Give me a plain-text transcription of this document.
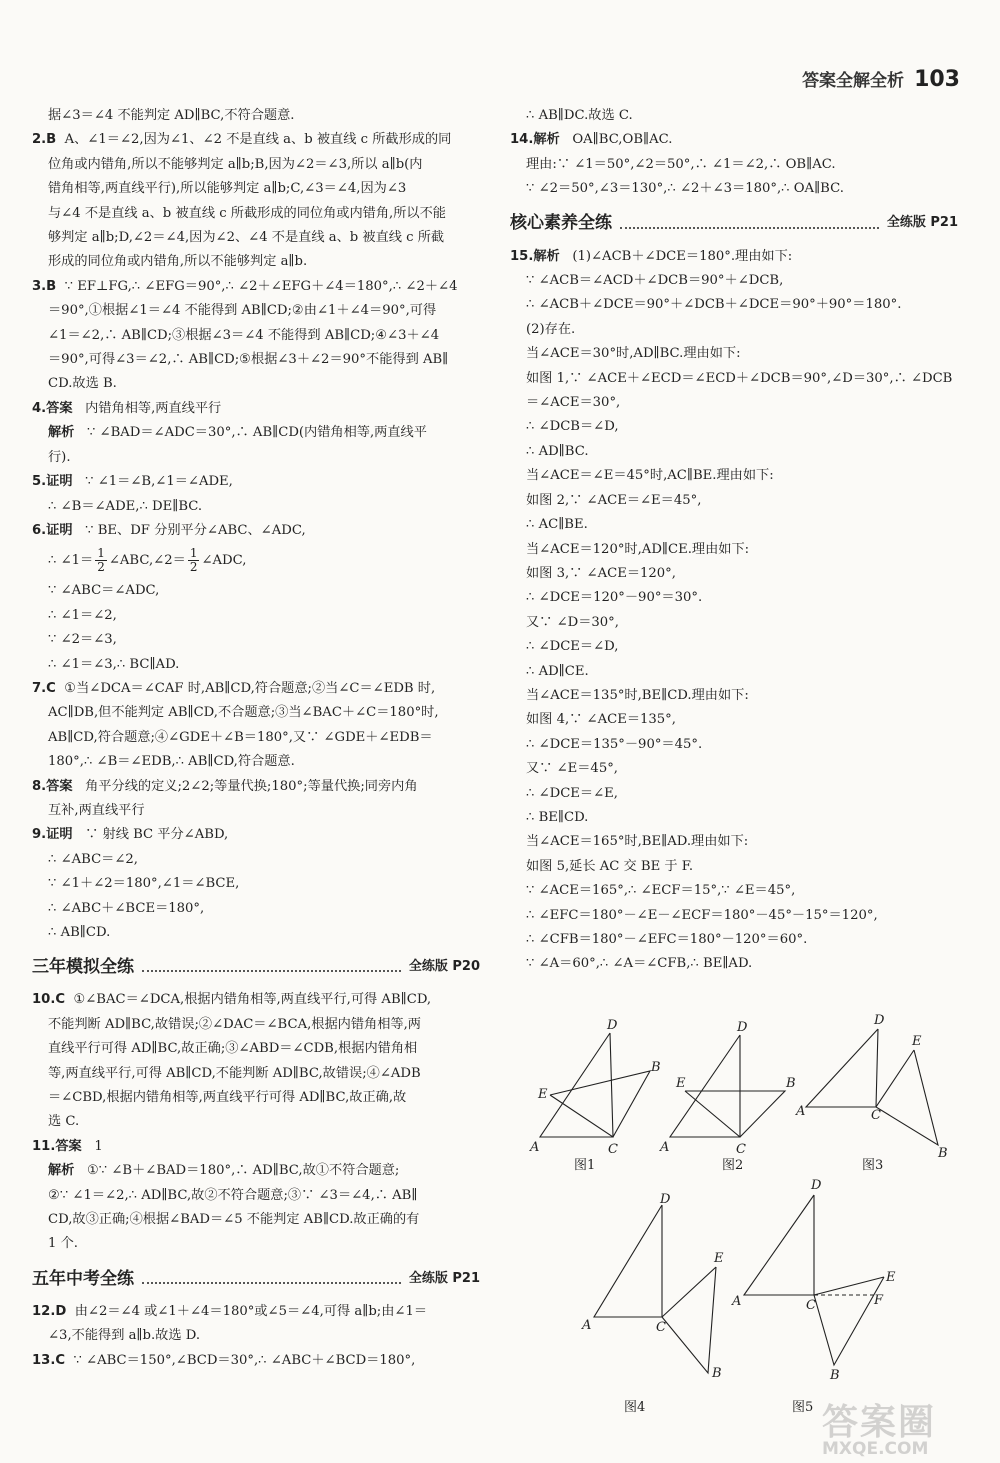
答案全解全析 103
据∠3＝∠4 不能判定 AD∥BC,不符合题意.
2.B A、∠1＝∠2,因为∠1、∠2 不是直线 a、b 被直线 c 所截形成的同
位角或内错角,所以不能够判定 a∥b;B,因为∠2＝∠3,所以 a∥b(内
错角相等,两直线平行),所以能够判定 a∥b;C,∠3＝∠4,因为∠3
与∠4 不是直线 a、b 被直线 c 所截形成的同位角或内错角,所以不能
够判定 a∥b;D,∠2＝∠4,因为∠2、∠4 不是直线 a、b 被直线 c 所截
形成的同位角或内错角,所以不能够判定 a∥b.
3.B ∵ EF⊥FG,∴ ∠EFG＝90°,∴ ∠2＋∠EFG＋∠4＝180°,∴ ∠2＋∠4
＝90°,①根据∠1＝∠4 不能得到 AB∥CD;②由∠1＋∠4＝90°,可得
∠1＝∠2,∴ AB∥CD;③根据∠3＝∠4 不能得到 AB∥CD;④∠3＋∠4
＝90°,可得∠3＝∠2,∴ AB∥CD;⑤根据∠3＋∠2＝90°不能得到 AB∥
CD.故选 B.
4.答案 内错角相等,两直线平行
解析 ∵ ∠BAD＝∠ADC＝30°,∴ AB∥CD(内错角相等,两直线平
行).
5.证明 ∵ ∠1＝∠B,∠1＝∠ADE,
∴ ∠B＝∠ADE,∴ DE∥BC.
6.证明 ∵ BE、DF 分别平分∠ABC、∠ADC,
∴ ∠1＝ $\frac{1}{2}$ ∠ABC,∠2＝ $\frac{1}{2}$ ∠ADC,
∵ ∠ABC＝∠ADC,
∴ ∠1＝∠2,
∵ ∠2＝∠3,
∴ ∠1＝∠3,∴ BC∥AD.
7.C ①当∠DCA＝∠CAF 时,AB∥CD,符合题意;②当∠C＝∠EDB 时,
AC∥DB,但不能判定 AB∥CD,不合题意;③当∠BAC＋∠C＝180°时,
AB∥CD,符合题意;④∠GDE＋∠B＝180°,又∵ ∠GDE＋∠EDB＝
180°,∴ ∠B＝∠EDB,∴ AB∥CD,符合题意.
8.答案 角平分线的定义;2∠2;等量代换;180°;等量代换;同旁内角
互补,两直线平行
9.证明 ∵ 射线 BC 平分∠ABD,
∴ ∠ABC＝∠2,
∵ ∠1＋∠2＝180°,∠1＝∠BCE,
∴ ∠ABC＋∠BCE＝180°,
∴ AB∥CD.
三年模拟全练	全练版 P20
10.C ①∠BAC＝∠DCA,根据内错角相等,两直线平行,可得 AB∥CD,
不能判断 AD∥BC,故错误;②∠DAC＝∠BCA,根据内错角相等,两
直线平行可得 AD∥BC,故正确;③∠ABD＝∠CDB,根据内错角相
等,两直线平行,可得 AB∥CD,不能判断 AD∥BC,故错误;④∠ADB
＝∠CBD,根据内错角相等,两直线平行可得 AD∥BC,故正确,故
选 C.
11.答案 1
解析 ①∵ ∠B＋∠BAD＝180°,∴ AD∥BC,故①不符合题意;
②∵ ∠1＝∠2,∴ AD∥BC,故②不符合题意;③∵ ∠3＝∠4,∴ AB∥
CD,故③正确;④根据∠BAD＝∠5 不能判定 AB∥CD.故正确的有
1 个.
五年中考全练	全练版 P21
12.D 由∠2＝∠4 或∠1＋∠4＝180°或∠5＝∠4,可得 a∥b;由∠1＝
∠3,不能得到 a∥b.故选 D.
13.C ∵ ∠ABC＝150°,∠BCD＝30°,∴ ∠ABC＋∠BCD＝180°,
∴ AB∥DC.故选 C.
14.解析 OA∥BC,OB∥AC.
理由:∵ ∠1＝50°,∠2＝50°,∴ ∠1＝∠2,∴ OB∥AC.
∵ ∠2＝50°,∠3＝130°,∴ ∠2＋∠3＝180°,∴ OA∥BC.
核心素养全练	全练版 P21
15.解析 (1)∠ACB＋∠DCE＝180°.理由如下:
∵ ∠ACB＝∠ACD＋∠DCB＝90°＋∠DCB,
∴ ∠ACB＋∠DCE＝90°＋∠DCB＋∠DCE＝90°＋90°＝180°.
(2)存在.
当∠ACE＝30°时,AD∥BC.理由如下:
如图 1,∵ ∠ACE＋∠ECD＝∠ECD＋∠DCB＝90°,∠D＝30°,∴ ∠DCB
＝∠ACE＝30°,
∴ ∠DCB＝∠D,
∴ AD∥BC.
当∠ACE＝∠E＝45°时,AC∥BE.理由如下:
如图 2,∵ ∠ACE＝∠E＝45°,
∴ AC∥BE.
当∠ACE＝120°时,AD∥CE.理由如下:
如图 3,∵ ∠ACE＝120°,
∴ ∠DCE＝120°－90°＝30°.
又∵ ∠D＝30°,
∴ ∠DCE＝∠D,
∴ AD∥CE.
当∠ACE＝135°时,BE∥CD.理由如下:
如图 4,∵ ∠ACE＝135°,
∴ ∠DCE＝135°－90°＝45°.
又∵ ∠E＝45°,
∴ ∠DCE＝∠E,
∴ BE∥CD.
当∠ACE＝165°时,BE∥AD.理由如下:
如图 5,延长 AC 交 BE 于 F.
∵ ∠ACE＝165°,∴ ∠ECF＝15°,∵ ∠E＝45°,
∴ ∠EFC＝180°－∠E－∠ECF＝180°－45°－15°＝120°,
∴ ∠CFB＝180°－∠EFC＝180°－120°＝60°.
∵ ∠A＝60°,∴ ∠A＝∠CFB,∴ BE∥AD.
D
B
E
A	C
图1
D
E	B
A	C
图2
D
E
A	C
B
图3
D
E
A	C
B
图4
D
E
A	C	F
B
图5 答案圈
MXQE.COM
